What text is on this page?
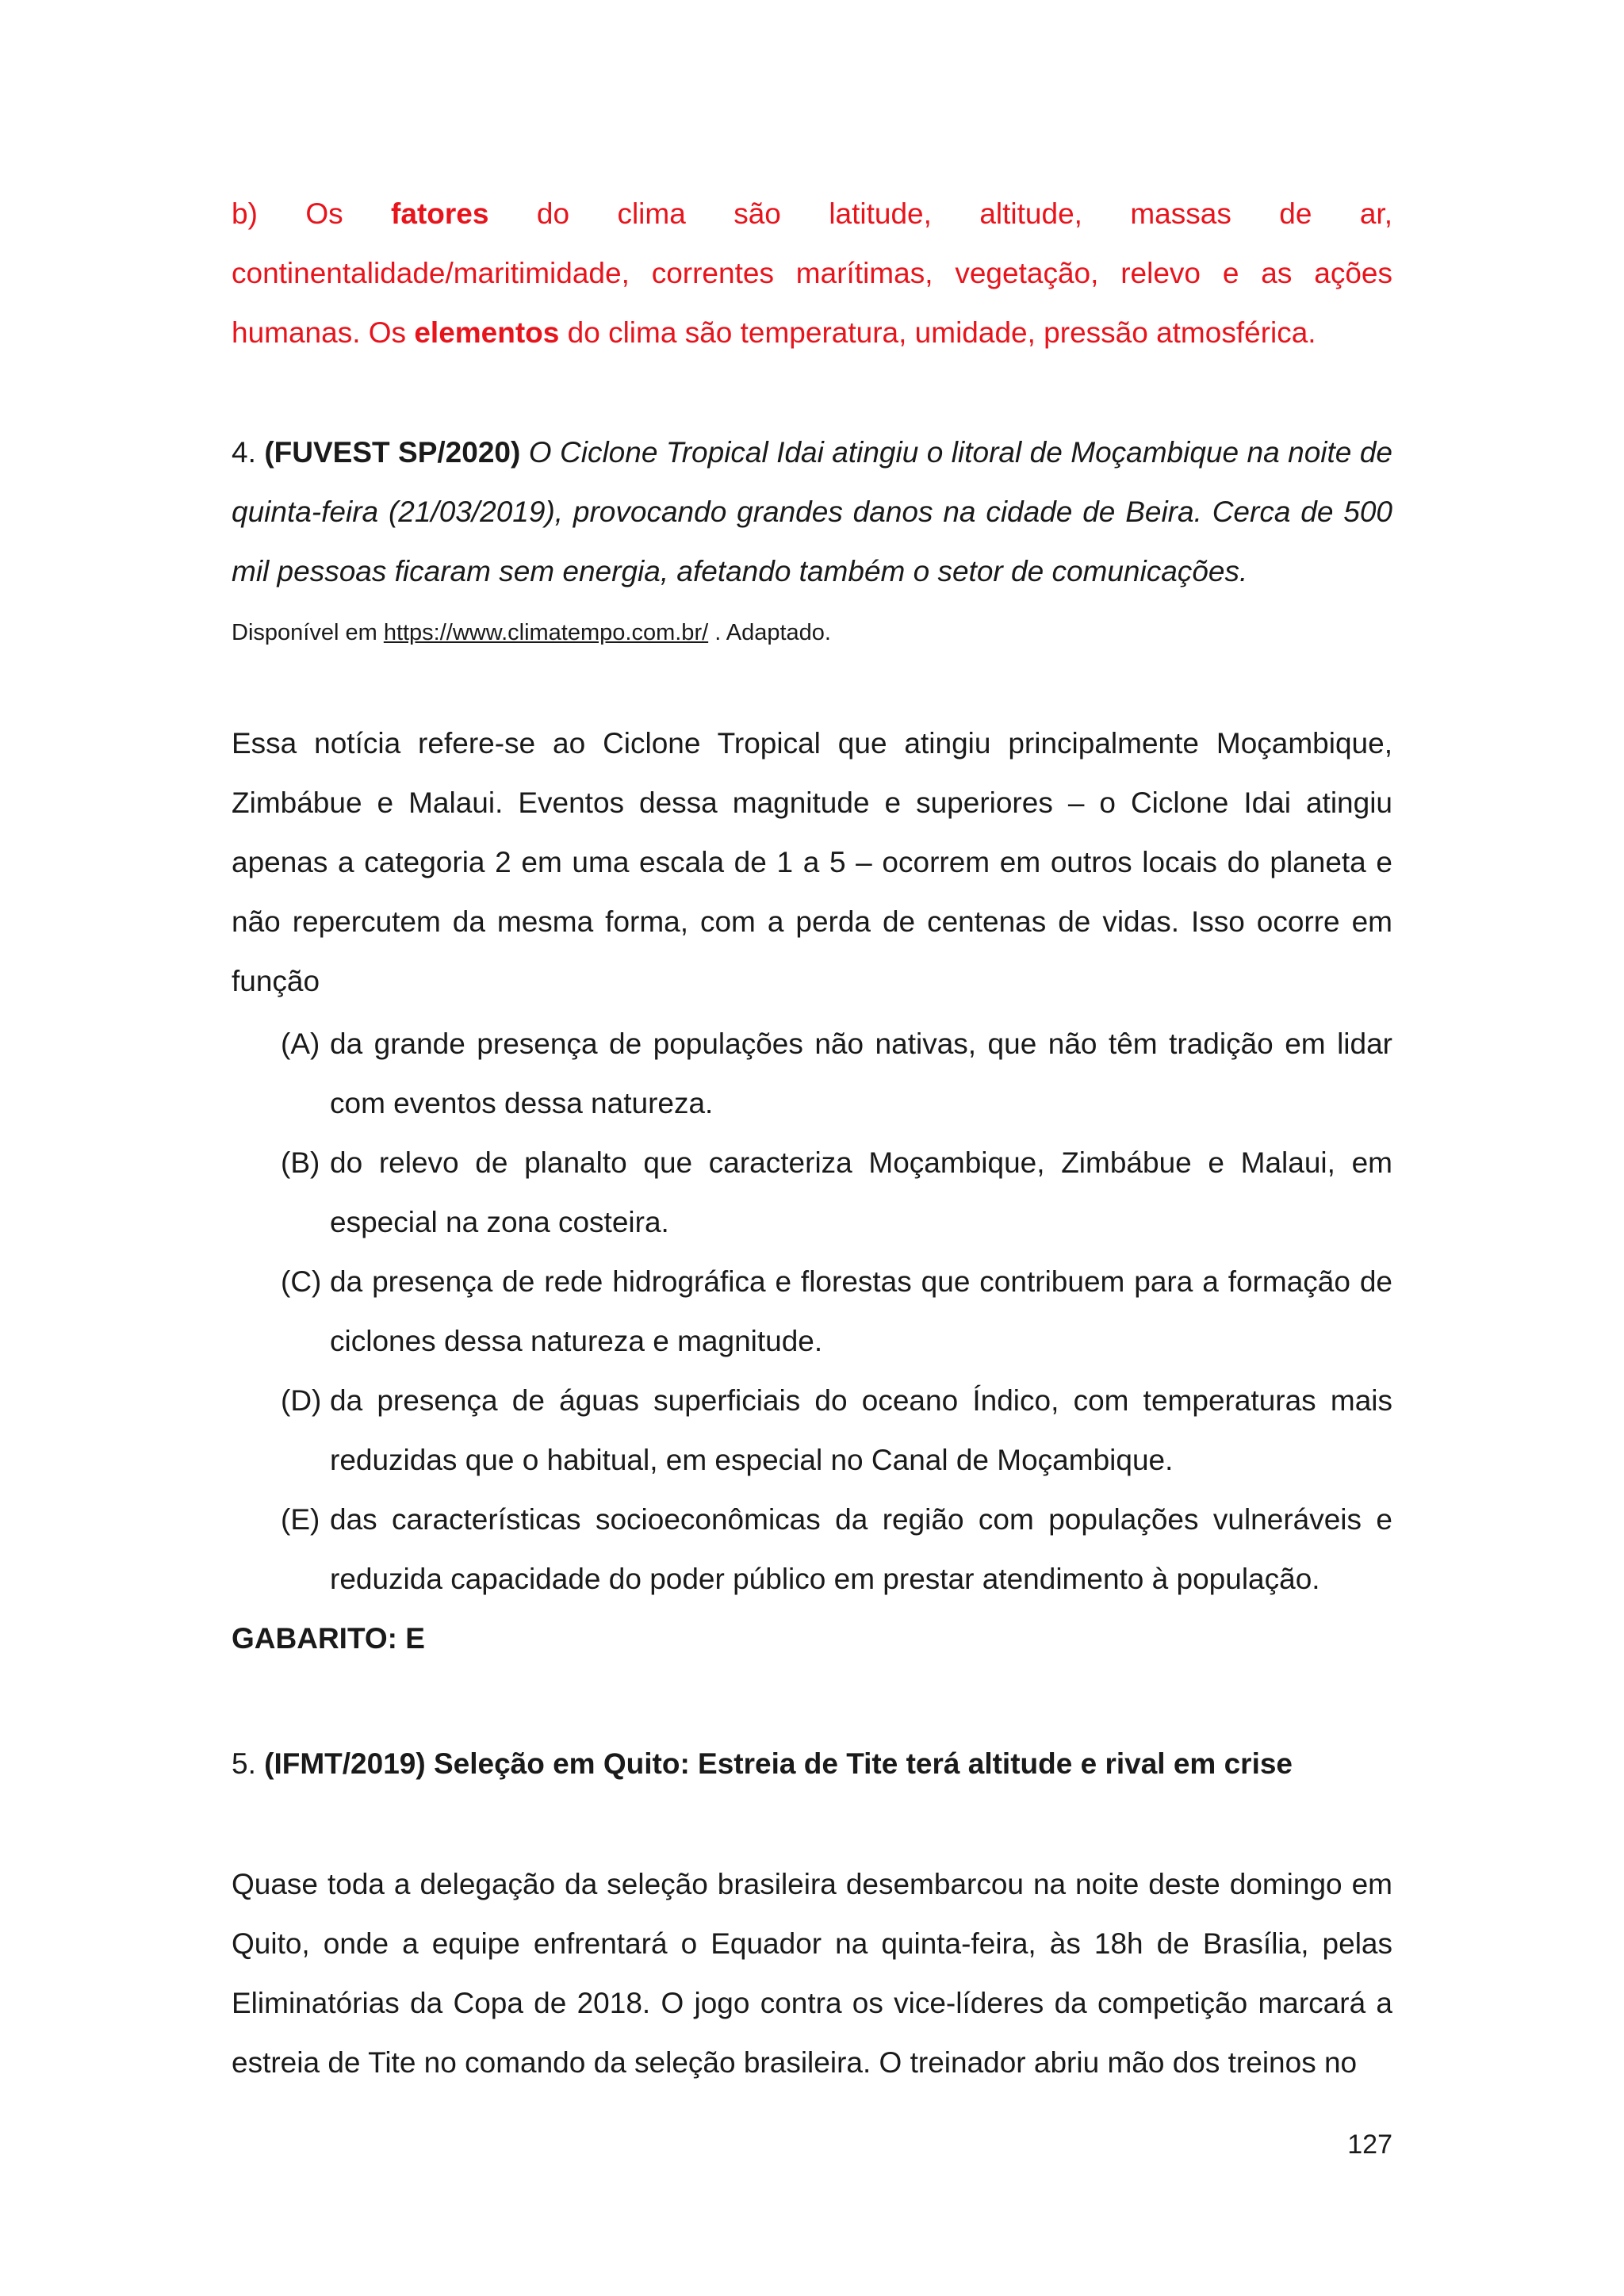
b) Os fatores do clima são latitude, altitude, massas de ar, continentalidade/maritimidade, correntes marítimas, vegetação, relevo e as ações humanas. Os elementos do clima são temperatura, umidade, pressão atmosférica.

4. (FUVEST SP/2020) O Ciclone Tropical Idai atingiu o litoral de Moçambique na noite de quinta-feira (21/03/2019), provocando grandes danos na cidade de Beira. Cerca de 500 mil pessoas ficaram sem energia, afetando também o setor de comunicações.

Disponível em https://www.climatempo.com.br/ . Adaptado.

Essa notícia refere-se ao Ciclone Tropical que atingiu principalmente Moçambique, Zimbábue e Malaui. Eventos dessa magnitude e superiores – o Ciclone Idai atingiu apenas a categoria 2 em uma escala de 1 a 5 – ocorrem em outros locais do planeta e não repercutem da mesma forma, com a perda de centenas de vidas. Isso ocorre em função

(A) da grande presença de populações não nativas, que não têm tradição em lidar com eventos dessa natureza.

(B) do relevo de planalto que caracteriza Moçambique, Zimbábue e Malaui, em especial na zona costeira.

(C) da presença de rede hidrográfica e florestas que contribuem para a formação de ciclones dessa natureza e magnitude.

(D) da presença de águas superficiais do oceano Índico, com temperaturas mais reduzidas que o habitual, em especial no Canal de Moçambique.

(E) das características socioeconômicas da região com populações vulneráveis e reduzida capacidade do poder público em prestar atendimento à população.

GABARITO: E

5. (IFMT/2019) Seleção em Quito: Estreia de Tite terá altitude e rival em crise

Quase toda a delegação da seleção brasileira desembarcou na noite deste domingo em Quito, onde a equipe enfrentará o Equador na quinta-feira, às 18h de Brasília, pelas Eliminatórias da Copa de 2018. O jogo contra os vice-líderes da competição marcará a estreia de Tite no comando da seleção brasileira. O treinador abriu mão dos treinos no

127
